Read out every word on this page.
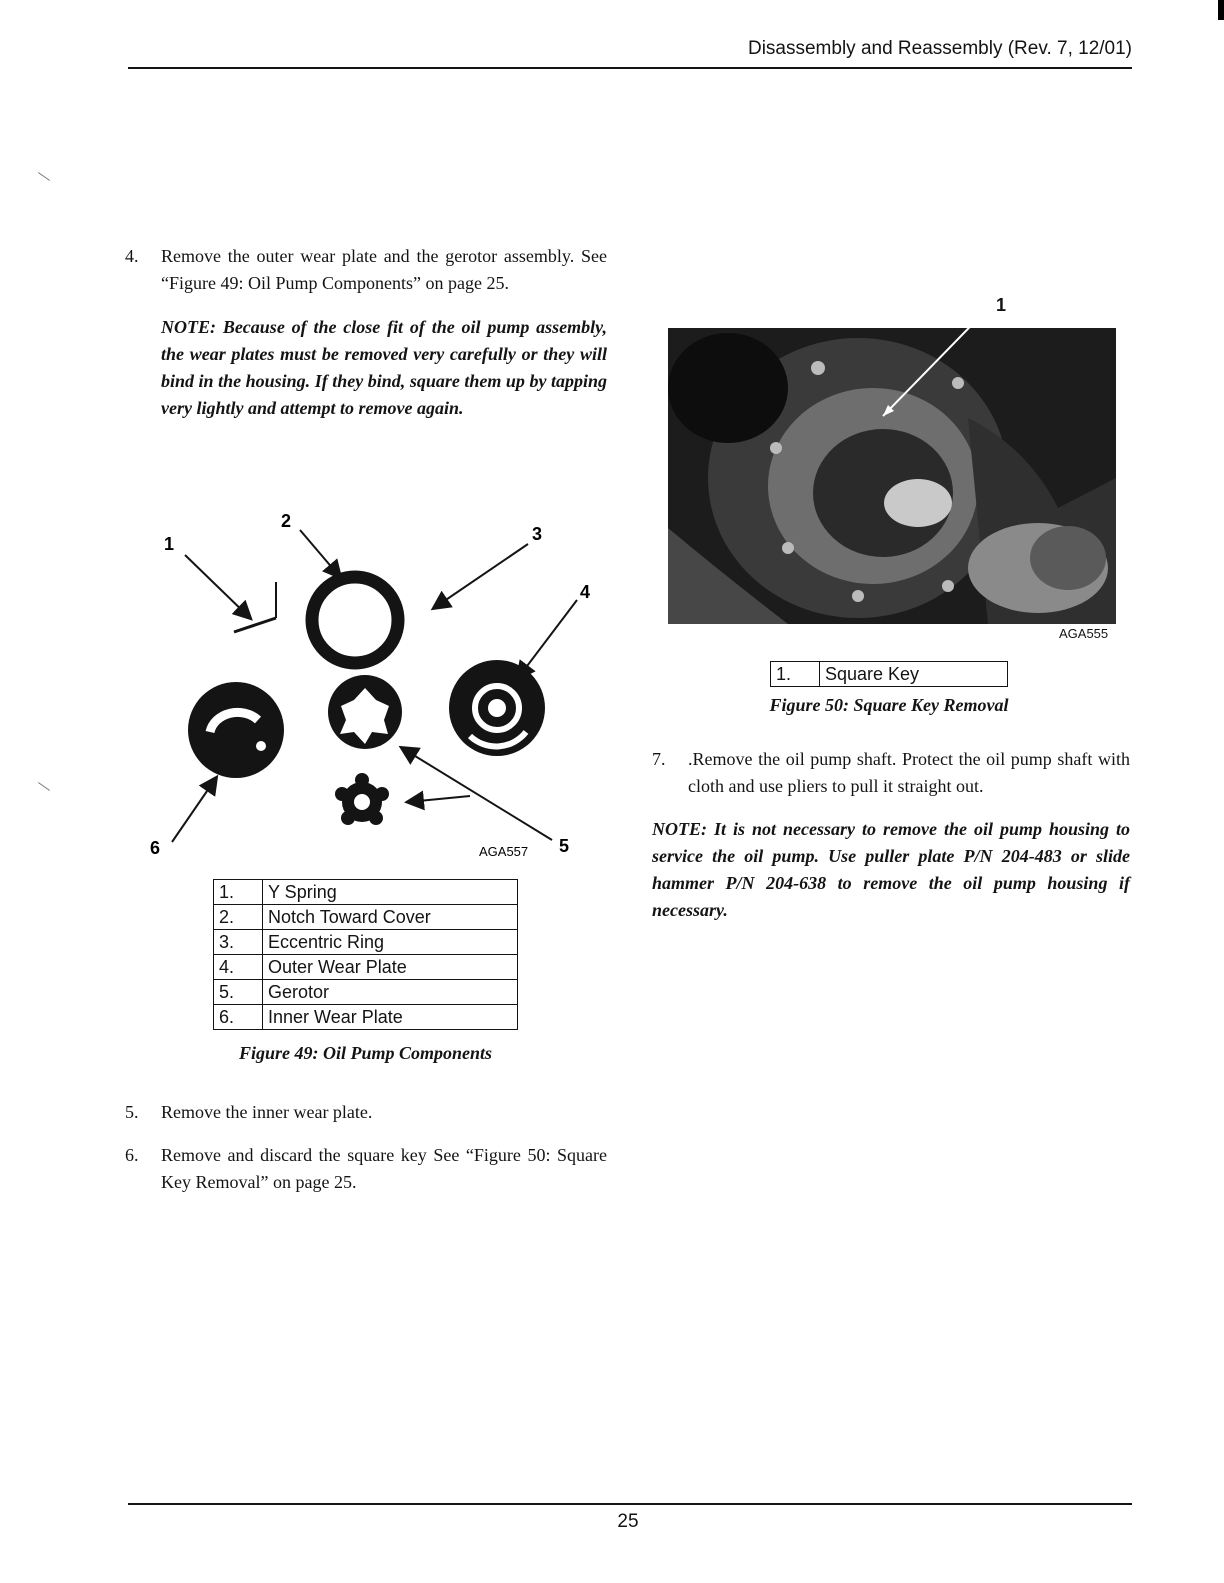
Disassembly and Reassembly (Rev. 7, 12/01)
4. Remove the outer wear plate and the gerotor assembly. See “Figure 49: Oil Pump Components” on page 25.
NOTE: Because of the close fit of the oil pump assembly, the wear plates must be removed very carefully or they will bind in the housing. If they bind, square them up by tapping very lightly and attempt to remove again.
1
2
3
4
5
6	AGA557
1.	Y Spring
2.	Notch Toward Cover
3.	Eccentric Ring
4.	Outer Wear Plate
5.	Gerotor
6.	Inner Wear Plate
Figure 49: Oil Pump Components
5. Remove the inner wear plate.
6. Remove and discard the square key See “Figure 50: Square Key Removal” on page 25.
1
AGA555
1.	Square Key
Figure 50: Square Key Removal
7. .Remove the oil pump shaft. Protect the oil pump shaft with cloth and use pliers to pull it straight out.
NOTE: It is not necessary to remove the oil pump housing to service the oil pump. Use puller plate P/N 204-483 or slide hammer P/N 204-638 to remove the oil pump housing if necessary.
25
